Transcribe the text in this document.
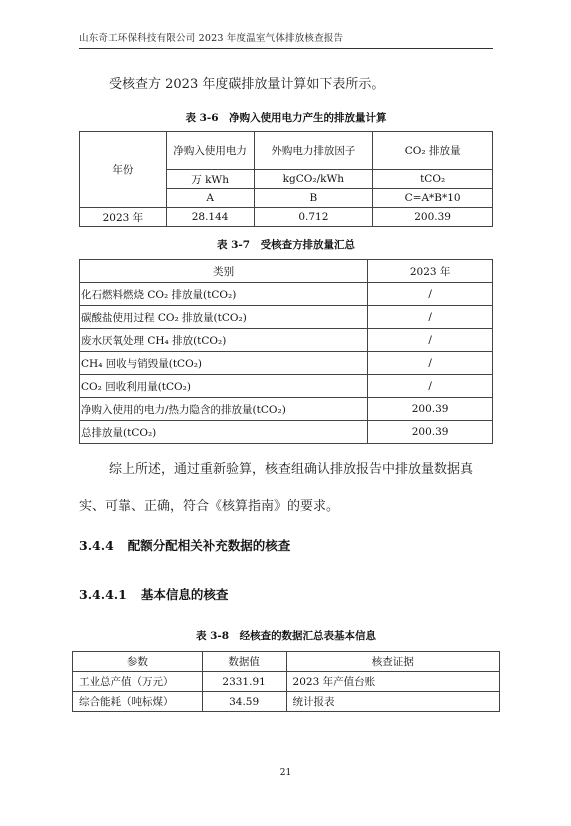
山东奇工环保科技有限公司 2023 年度温室气体排放核查报告
受核查方 2023 年度碳排放量计算如下表所示。
表 3-6　净购入使用电力产生的排放量计算
年份	净购入使用电力	外购电力排放因子	CO₂ 排放量
	万 kWh	kgCO₂/kWh	tCO₂
	A	B	C=A*B*10
2023 年	28.144	0.712	200.39
表 3-7　受核查方排放量汇总
类别	2023 年
化石燃料燃烧 CO₂ 排放量(tCO₂)	/
碳酸盐使用过程 CO₂ 排放量(tCO₂)	/
废水厌氧处理 CH₄ 排放(tCO₂)	/
CH₄ 回收与销毁量(tCO₂)	/
CO₂ 回收利用量(tCO₂)	/
净购入使用的电力/热力隐含的排放量(tCO₂)	200.39
总排放量(tCO₂)	200.39
综上所述，通过重新验算，核查组确认排放报告中排放量数据真
实、可靠、正确，符合《核算指南》的要求。
3.4.4 配额分配相关补充数据的核查
3.4.4.1 基本信息的核查
表 3-8　经核查的数据汇总表基本信息
参数	数据值	核查证据
工业总产值（万元）	2331.91	2023 年产值台账
综合能耗（吨标煤）	34.59	统计报表
21
